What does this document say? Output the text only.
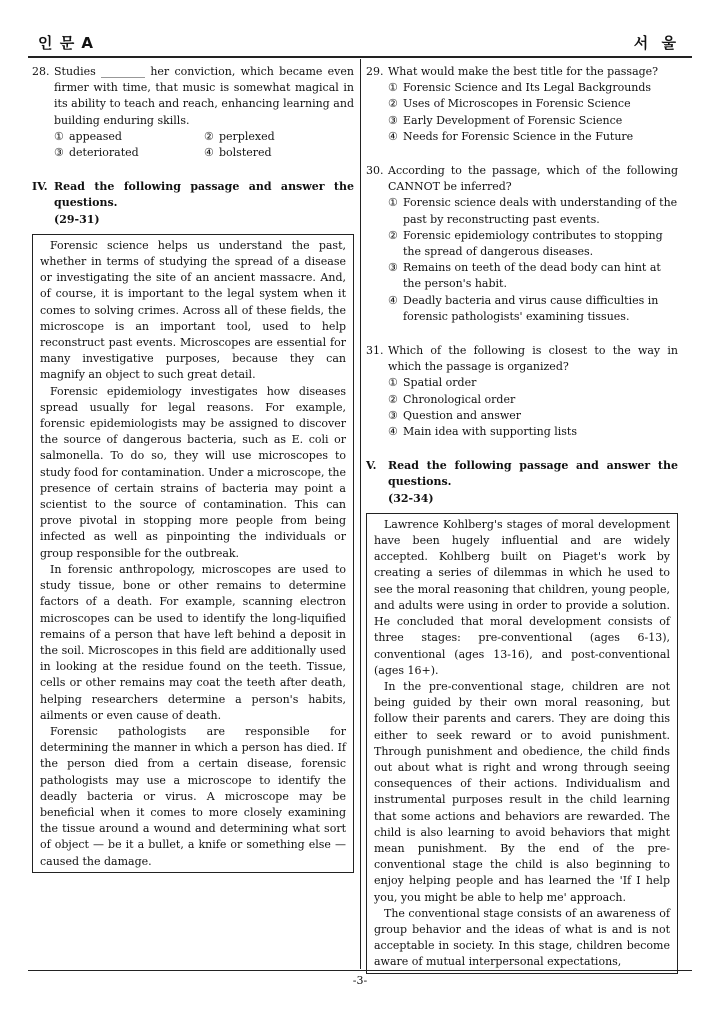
인 문 A	서 울
28. Studies ________ her conviction, which became even firmer with time, that music is somewhat magical in its ability to teach and reach, enhancing learning and building enduring skills.
① appeased	② perplexed
③ deteriorated	④ bolstered
IV. Read the following passage and answer the questions.
(29-31)

Forensic science helps us understand the past, whether in terms of studying the spread of a disease or investigating the site of an ancient massacre. And, of course, it is important to the legal system when it comes to solving crimes. Across all of these fields, the microscope is an important tool, used to help reconstruct past events. Microscopes are essential for many investigative purposes, because they can magnify an object to such great detail.

Forensic epidemiology investigates how diseases spread usually for legal reasons. For example, forensic epidemiologists may be assigned to discover the source of dangerous bacteria, such as E. coli or salmonella. To do so, they will use microscopes to study food for contamination. Under a microscope, the presence of certain strains of bacteria may point a scientist to the source of contamination. This can prove pivotal in stopping more people from being infected as well as pinpointing the individuals or group responsible for the outbreak.

In forensic anthropology, microscopes are used to study tissue, bone or other remains to determine factors of a death. For example, scanning electron microscopes can be used to identify the long-liquified remains of a person that have left behind a deposit in the soil. Microscopes in this field are additionally used in looking at the residue found on the teeth. Tissue, cells or other remains may coat the teeth after death, helping researchers determine a person's habits, ailments or even cause of death.

Forensic pathologists are responsible for determining the manner in which a person has died. If the person died from a certain disease, forensic pathologists may use a microscope to identify the deadly bacteria or virus. A microscope may be beneficial when it comes to more closely examining the tissue around a wound and determining what sort of object — be it a bullet, a knife or something else — caused the damage.

29. What would make the best title for the passage?
① Forensic Science and Its Legal Backgrounds
② Uses of Microscopes in Forensic Science
③ Early Development of Forensic Science
④ Needs for Forensic Science in the Future
30. According to the passage, which of the following CANNOT be inferred?
① Forensic science deals with understanding of the past by reconstructing past events.
② Forensic epidemiology contributes to stopping the spread of dangerous diseases.
③ Remains on teeth of the dead body can hint at the person's habit.
④ Deadly bacteria and virus cause difficulties in forensic pathologists' examining tissues.
31. Which of the following is closest to the way in which the passage is organized?
① Spatial order
② Chronological order
③ Question and answer
④ Main idea with supporting lists
V.	Read the following passage and answer the questions.
(32-34)

Lawrence Kohlberg's stages of moral development have been hugely influential and are widely accepted. Kohlberg built on Piaget's work by creating a series of dilemmas in which he used to see the moral reasoning that children, young people, and adults were using in order to provide a solution. He concluded that moral development consists of three stages: pre-conventional (ages 6-13), conventional (ages 13-16), and post-conventional (ages 16+).

In the pre-conventional stage, children are not being guided by their own moral reasoning, but follow their parents and carers. They are doing this either to seek reward or to avoid punishment. Through punishment and obedience, the child finds out about what is right and wrong through seeing consequences of their actions. Individualism and instrumental purposes result in the child learning that some actions and behaviors are rewarded. The child is also learning to avoid behaviors that might mean punishment. By the end of the pre-conventional stage the child is also beginning to enjoy helping people and has learned the 'If I help you, you might be able to help me' approach.

The conventional stage consists of an awareness of group behavior and the ideas of what is and is not acceptable in society. In this stage, children become aware of mutual interpersonal expectations,

-3-
